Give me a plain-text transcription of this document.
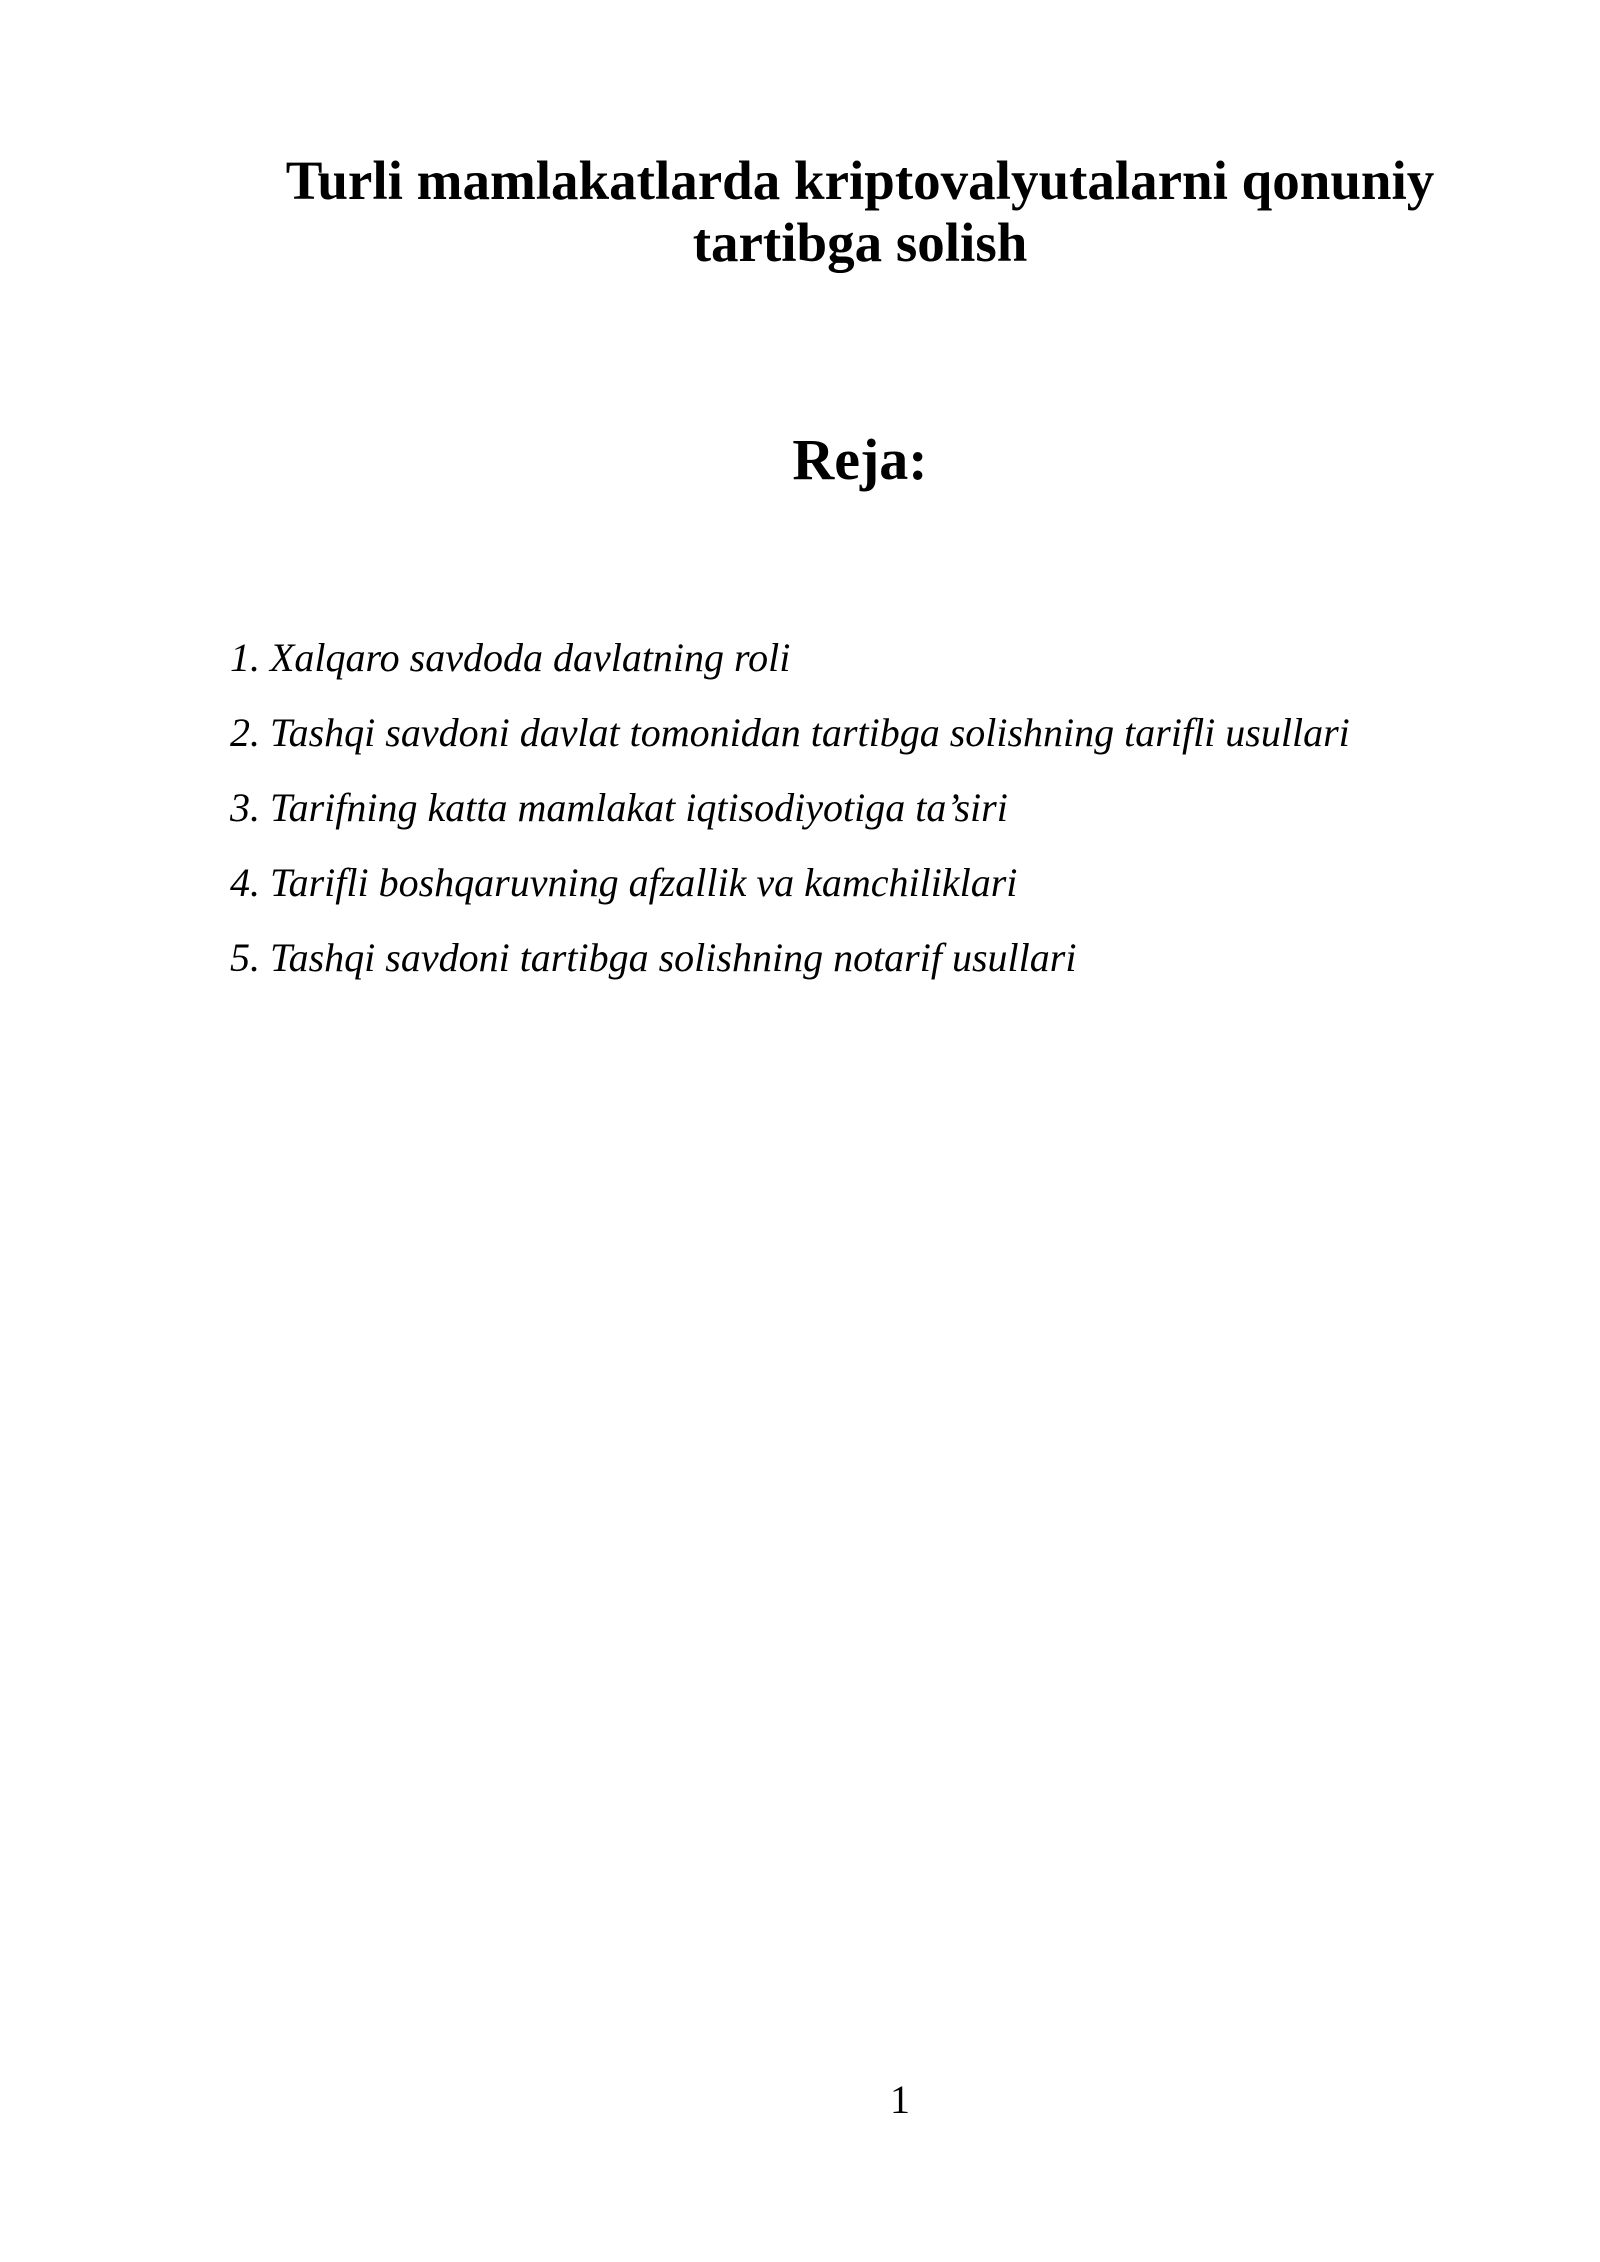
Turli mamlakatlarda kriptovalyutalarni qonuniy
tartibga solish
Reja:
1. Xalqaro savdoda davlatning roli
2. Tashqi savdoni davlat tomonidan tartibga solishning tarifli usullari
3. Tarifning katta mamlakat iqtisodiyotiga ta’siri
4. Tarifli boshqaruvning afzallik va kamchiliklari
5. Tashqi savdoni tartibga solishning notarif usullari
1
